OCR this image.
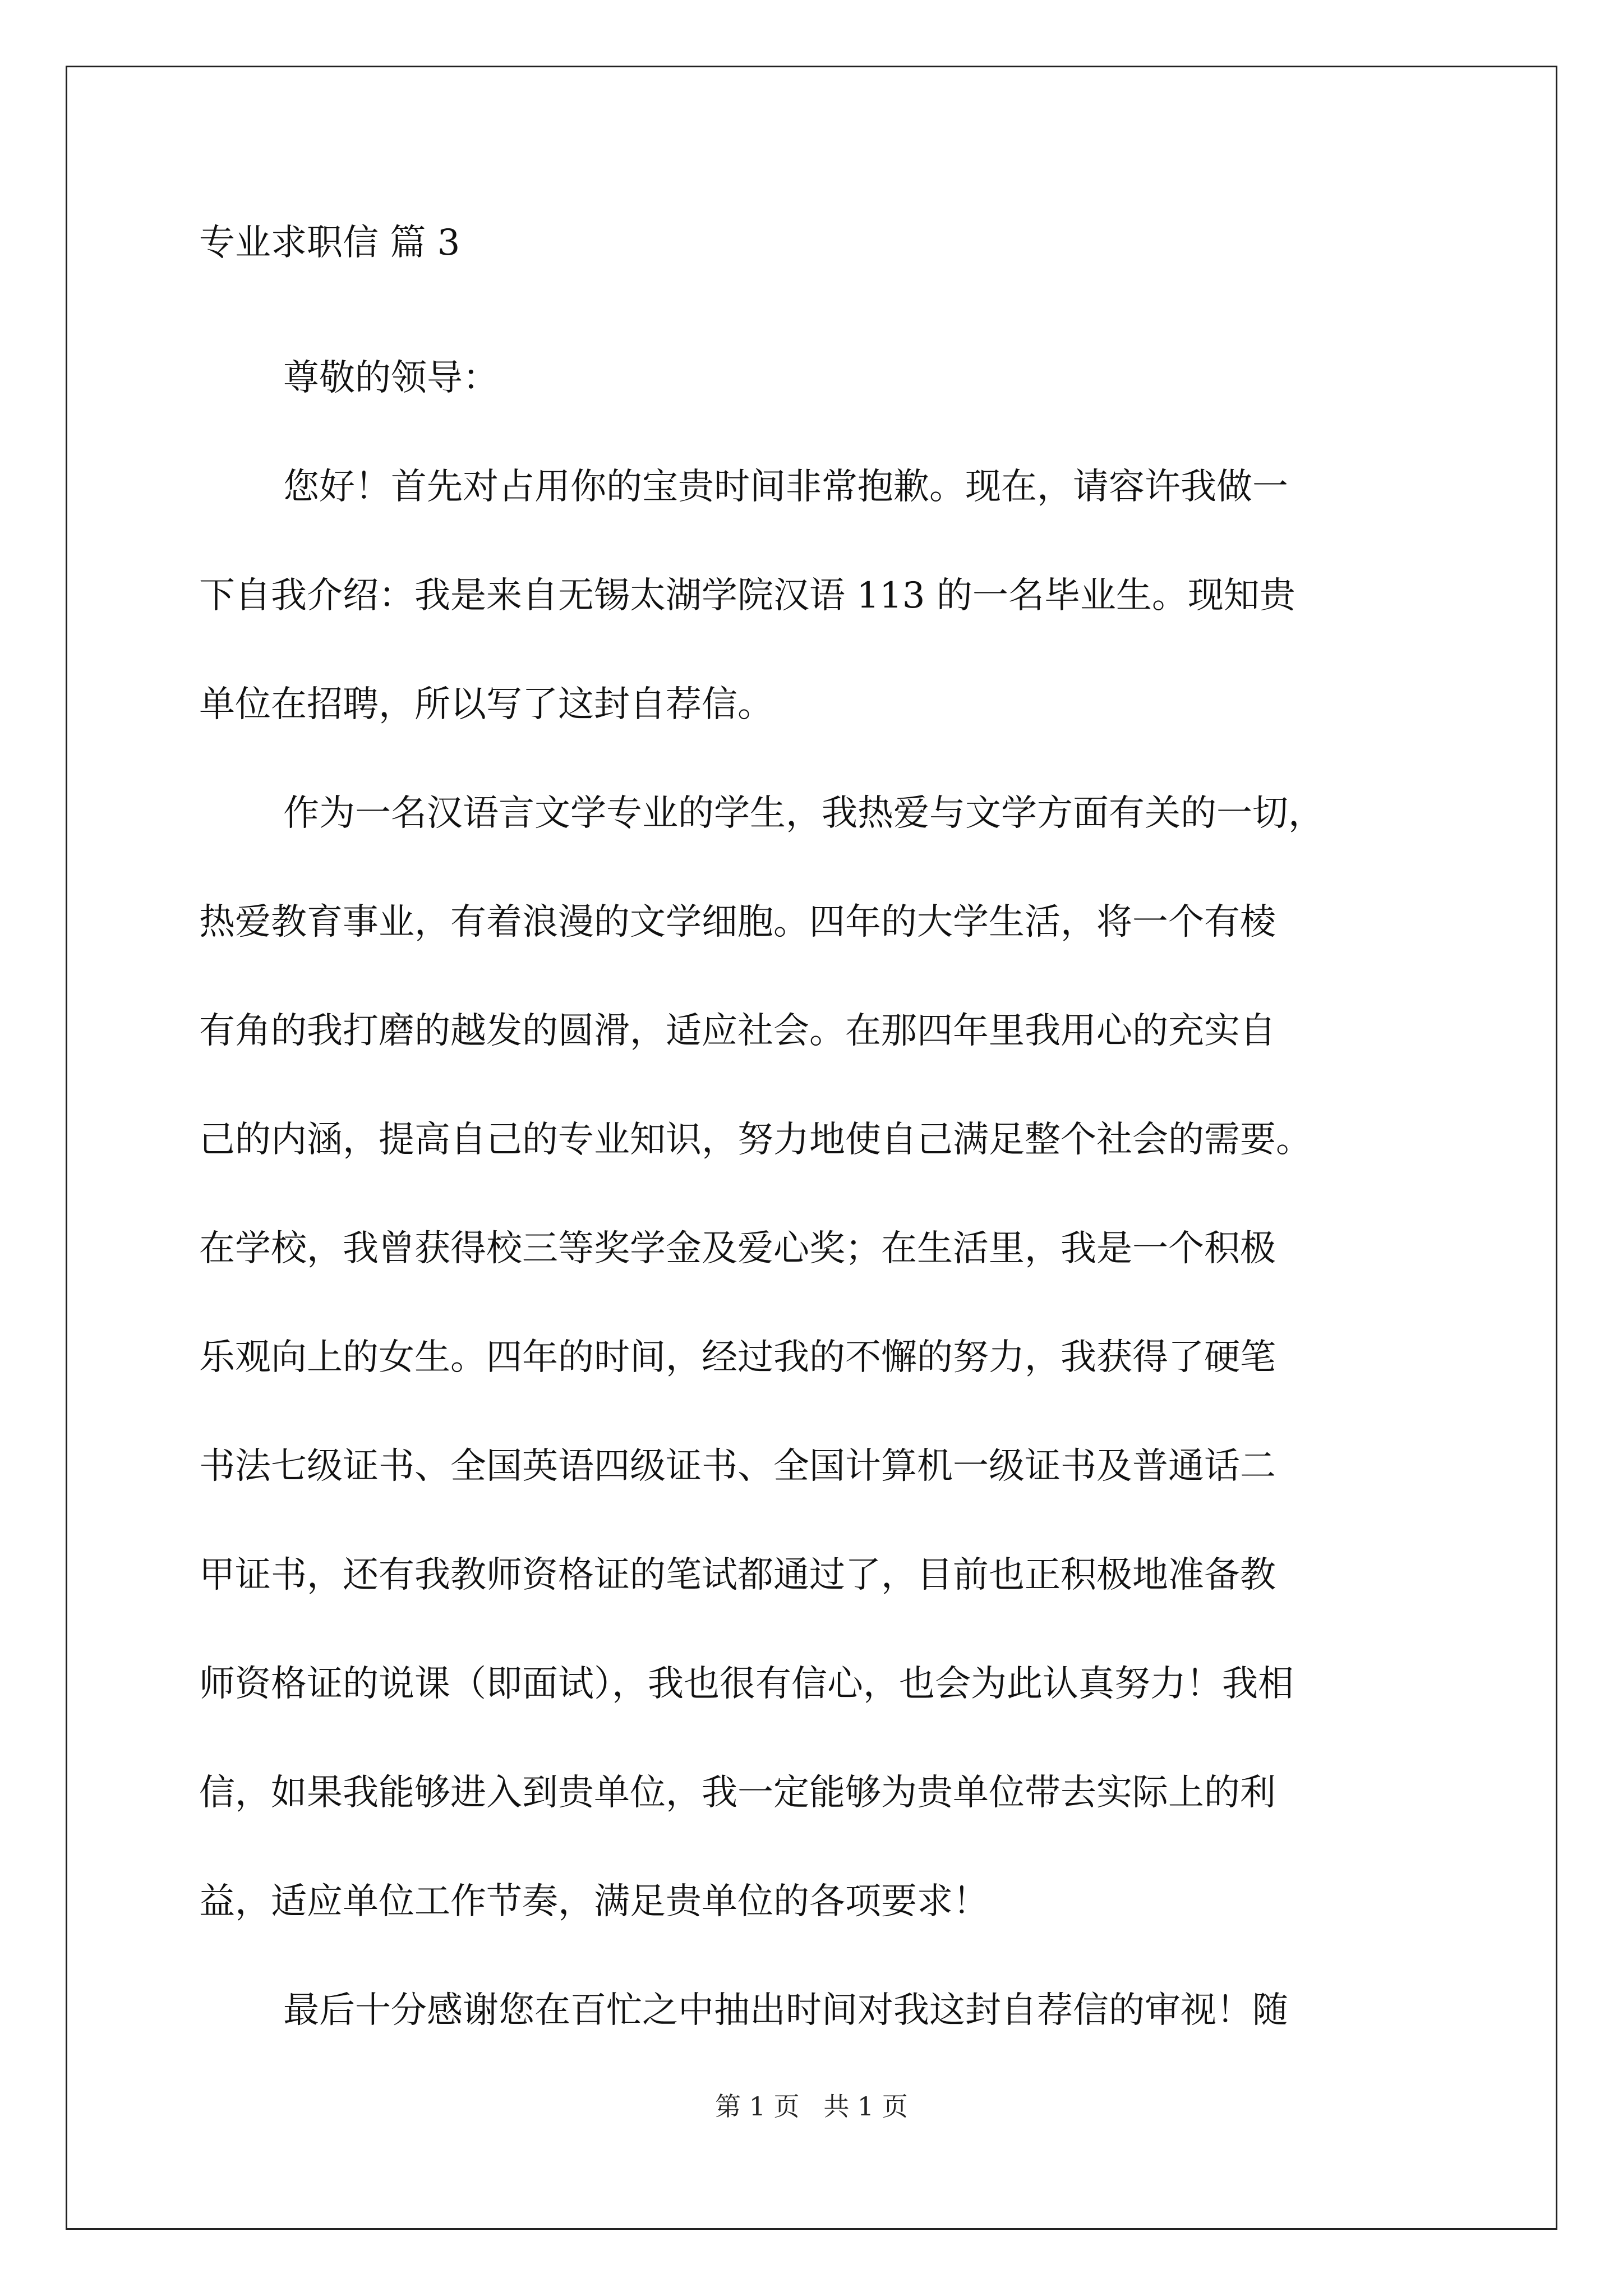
专业求职信 篇 3

尊敬的领导：

您好！首先对占用你的宝贵时间非常抱歉。现在，请容许我做一
下自我介绍：我是来自无锡太湖学院汉语 113 的一名毕业生。现知贵
单位在招聘，所以写了这封自荐信。

作为一名汉语言文学专业的学生，我热爱与文学方面有关的一切，
热爱教育事业，有着浪漫的文学细胞。四年的大学生活，将一个有棱
有角的我打磨的越发的圆滑，适应社会。在那四年里我用心的充实自
己的内涵，提高自己的专业知识，努力地使自己满足整个社会的需要。
在学校，我曾获得校三等奖学金及爱心奖；在生活里，我是一个积极
乐观向上的女生。四年的时间，经过我的不懈的努力，我获得了硬笔
书法七级证书、全国英语四级证书、全国计算机一级证书及普通话二
甲证书，还有我教师资格证的笔试都通过了，目前也正积极地准备教
师资格证的说课（即面试），我也很有信心，也会为此认真努力！我相
信，如果我能够进入到贵单位，我一定能够为贵单位带去实际上的利
益，适应单位工作节奏，满足贵单位的各项要求！

最后十分感谢您在百忙之中抽出时间对我这封自荐信的审视！随

第 1 页 共 1 页
